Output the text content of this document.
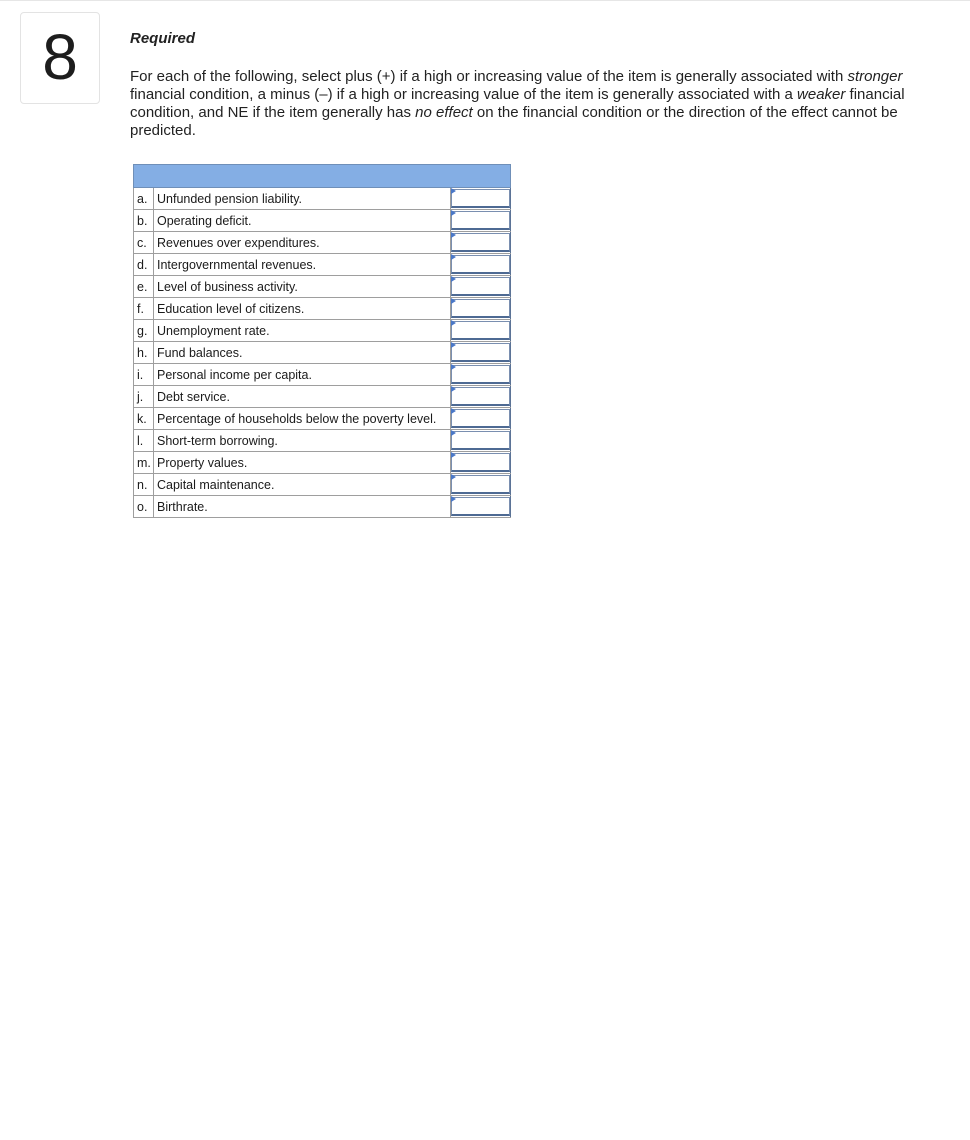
8	Required

For each of the following, select plus (+) if a high or increasing value of the item is generally associated with stronger financial condition, a minus (–) if a high or increasing value of the item is generally associated with a weaker financial condition, and NE if the item generally has no effect on the financial condition or the direction of the effect cannot be predicted.

a.	Unfunded pension liability.	

b.	Operating deficit.	

c.	Revenues over expenditures.	

d.	Intergovernmental revenues.	

e.	Level of business activity.	

f.	Education level of citizens.	

g.	Unemployment rate.	

h.	Fund balances.	

i.	Personal income per capita.	

j.	Debt service.	

k.	Percentage of households below the poverty level.	

l.	Short-term borrowing.	

m.	Property values.	

n.	Capital maintenance.	

o.	Birthrate.	
